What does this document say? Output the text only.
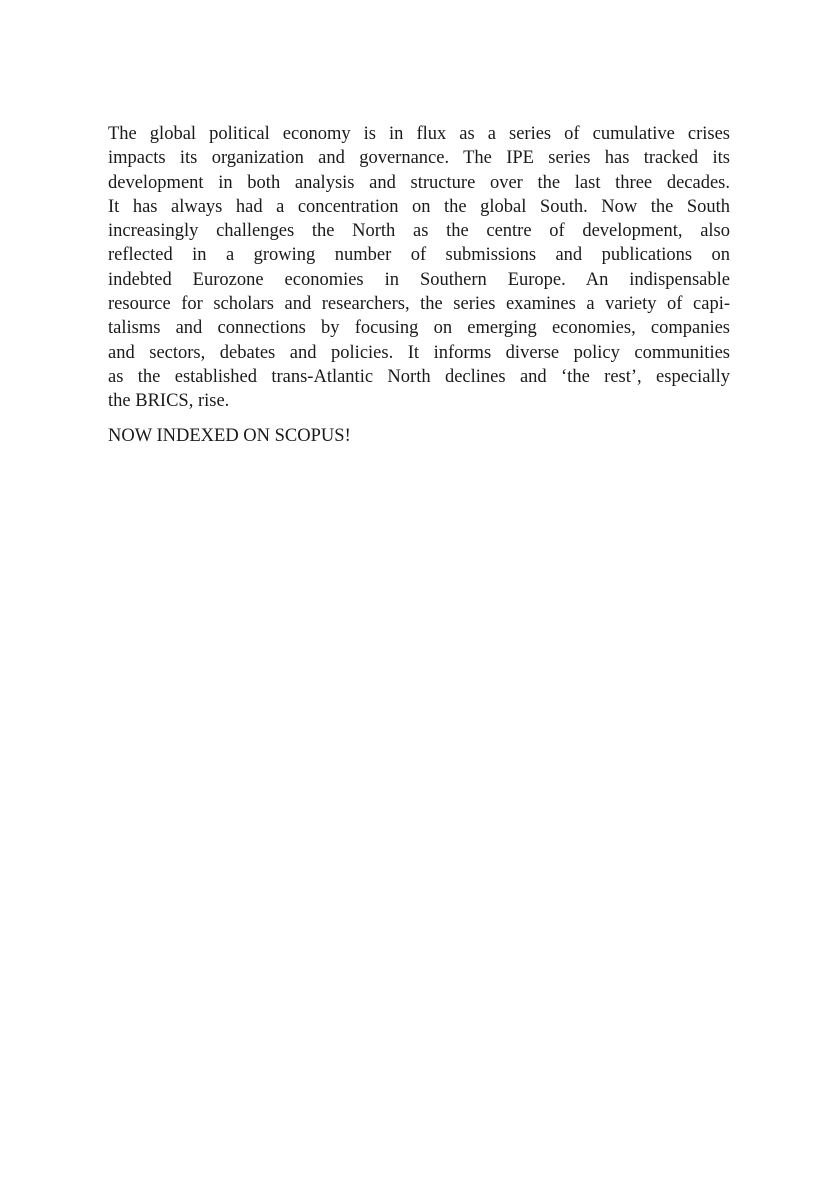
The global political economy is in flux as a series of cumulative crises
impacts its organization and governance. The IPE series has tracked its
development in both analysis and structure over the last three decades.
It has always had a concentration on the global South. Now the South
increasingly challenges the North as the centre of development, also
reflected in a growing number of submissions and publications on
indebted Eurozone economies in Southern Europe. An indispensable
resource for scholars and researchers, the series examines a variety of capi-
talisms and connections by focusing on emerging economies, companies
and sectors, debates and policies. It informs diverse policy communities
as the established trans-Atlantic North declines and ‘the rest’, especially
the BRICS, rise.

NOW INDEXED ON SCOPUS!
